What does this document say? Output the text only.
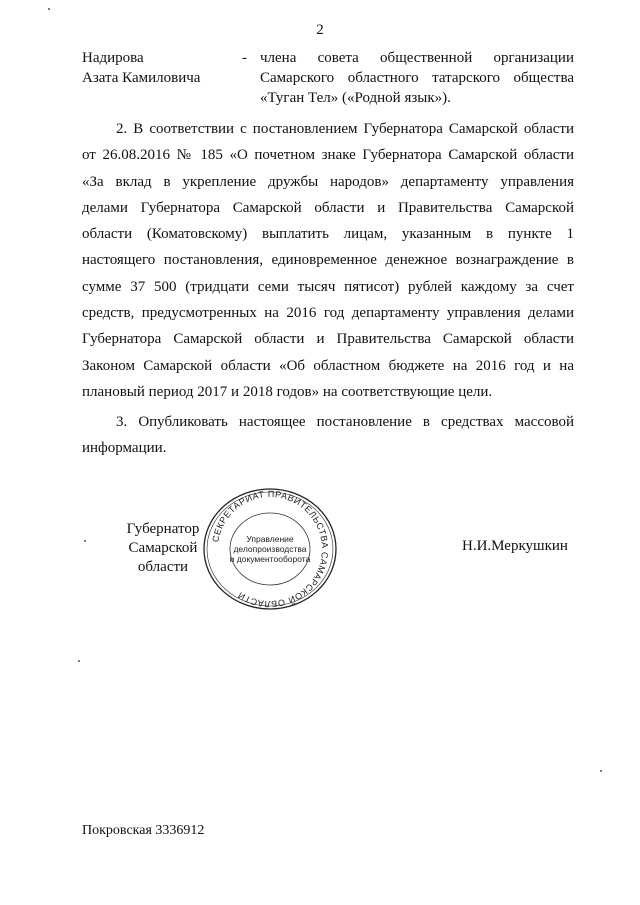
2
Надирова
Азата Камиловича
- члена совета общественной организации
Самарского областного татарского общества
«Туган Тел» («Родной язык»).
2. В соответствии с постановлением Губернатора Самарской области
от 26.08.2016 № 185 «О почетном знаке Губернатора Самарской области
«За вклад в укрепление дружбы народов» департаменту управления
делами Губернатора Самарской области и Правительства Самарской
области (Коматовскому) выплатить лицам, указанным в пункте 1
настоящего постановления, единовременное денежное вознаграждение в
сумме 37 500 (тридцати семи тысяч пятисот) рублей каждому за счет
средств, предусмотренных на 2016 год департаменту управления делами
Губернатора Самарской области и Правительства Самарской области
Законом Самарской области «Об областном бюджете на 2016 год и на
плановый период 2017 и 2018 годов» на соответствующие цели.
3. Опубликовать настоящее постановление в средствах массовой
информации.
СЕКРЕТАРИАТ ПРАВИТЕЛЬСТВА САМАРСКОЙ ОБЛАСТИ
Управление
делопроизводства
и документооборота
Губернатор
Самарской области
Н.И.Меркушкин
Покровская 3336912
